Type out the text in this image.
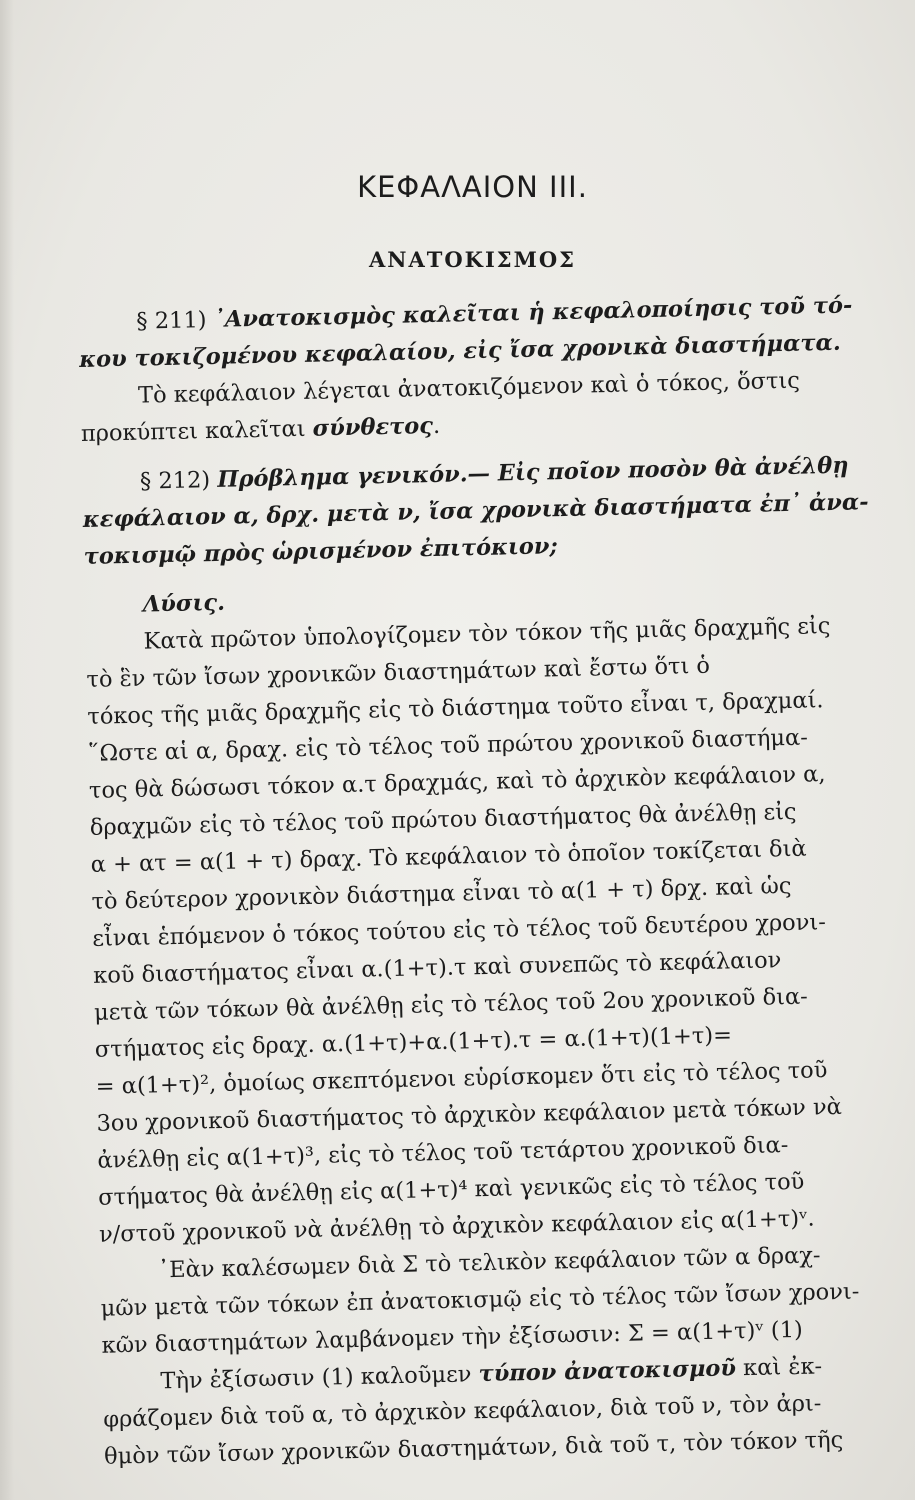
ΚΕΦΑΛΑΙΟΝ ΙΙΙ.
ΑΝΑΤΟΚΙΣΜΟΣ
§ 211) ᾿Ανατοκισμὸς καλεῖται ἡ κεφαλοποίησις τοῦ τό-
κου τοκιζομένου κεφαλαίου, εἰς ἴσα χρονικὰ διαστήματα.
Τὸ κεφάλαιον λέγεται ἀνατοκιζόμενον καὶ ὁ τόκος, ὅστις
προκύπτει καλεῖται σύνθετος.
§ 212) Πρόβλημα γενικόν.— Εἰς ποῖον ποσὸν θὰ ἀνέλθῃ
κεφάλαιον α, δρχ. μετὰ ν, ἴσα χρονικὰ διαστήματα ἐπ᾿ ἀνα-
τοκισμῷ πρὸς ὡρισμένον ἐπιτόκιον;
Λύσις.
Κατὰ πρῶτον ὑπολογίζομεν τὸν τόκον τῆς μιᾶς δραχμῆς εἰς
τὸ ἓν τῶν ἴσων χρονικῶν διαστημάτων καὶ ἔστω ὅτι ὁ
τόκος τῆς μιᾶς δραχμῆς εἰς τὸ διάστημα τοῦτο εἶναι τ, δραχμαί.
῞Ωστε αἱ α, δραχ. εἰς τὸ τέλος τοῦ πρώτου χρονικοῦ διαστήμα-
τος θὰ δώσωσι τόκον α.τ δραχμάς, καὶ τὸ ἀρχικὸν κεφάλαιον α,
δραχμῶν εἰς τὸ τέλος τοῦ πρώτου διαστήματος θὰ ἀνέλθῃ εἰς
α + ατ = α(1 + τ) δραχ. Τὸ κεφάλαιον τὸ ὁποῖον τοκίζεται διὰ
τὸ δεύτερον χρονικὸν διάστημα εἶναι τὸ α(1 + τ) δρχ. καὶ ὡς
εἶναι ἑπόμενον ὁ τόκος τούτου εἰς τὸ τέλος τοῦ δευτέρου χρονι-
κοῦ διαστήματος εἶναι α.(1+τ).τ καὶ συνεπῶς τὸ κεφάλαιον
μετὰ τῶν τόκων θὰ ἀνέλθῃ εἰς τὸ τέλος τοῦ 2ου χρονικοῦ δια-
στήματος εἰς δραχ. α.(1+τ)+α.(1+τ).τ = α.(1+τ)(1+τ)=
= α(1+τ)², ὁμοίως σκεπτόμενοι εὑρίσκομεν ὅτι εἰς τὸ τέλος τοῦ
3ου χρονικοῦ διαστήματος τὸ ἀρχικὸν κεφάλαιον μετὰ τόκων νὰ
ἀνέλθῃ εἰς α(1+τ)³, εἰς τὸ τέλος τοῦ τετάρτου χρονικοῦ δια-
στήματος θὰ ἀνέλθῃ εἰς α(1+τ)⁴ καὶ γενικῶς εἰς τὸ τέλος τοῦ
ν/στοῦ χρονικοῦ νὰ ἀνέλθῃ τὸ ἀρχικὸν κεφάλαιον εἰς α(1+τ)ᵛ.
᾿Εὰν καλέσωμεν διὰ Σ τὸ τελικὸν κεφάλαιον τῶν α δραχ-
μῶν μετὰ τῶν τόκων ἐπ ἀνατοκισμῷ εἰς τὸ τέλος τῶν ἴσων χρονι-
κῶν διαστημάτων λαμβάνομεν τὴν ἐξίσωσιν: Σ = α(1+τ)ᵛ (1)
Τὴν ἐξίσωσιν (1) καλοῦμεν τύπον ἀνατοκισμοῦ καὶ ἐκ-
φράζομεν διὰ τοῦ α, τὸ ἀρχικὸν κεφάλαιον, διὰ τοῦ ν, τὸν ἀρι-
θμὸν τῶν ἴσων χρονικῶν διαστημάτων, διὰ τοῦ τ, τὸν τόκον τῆς
